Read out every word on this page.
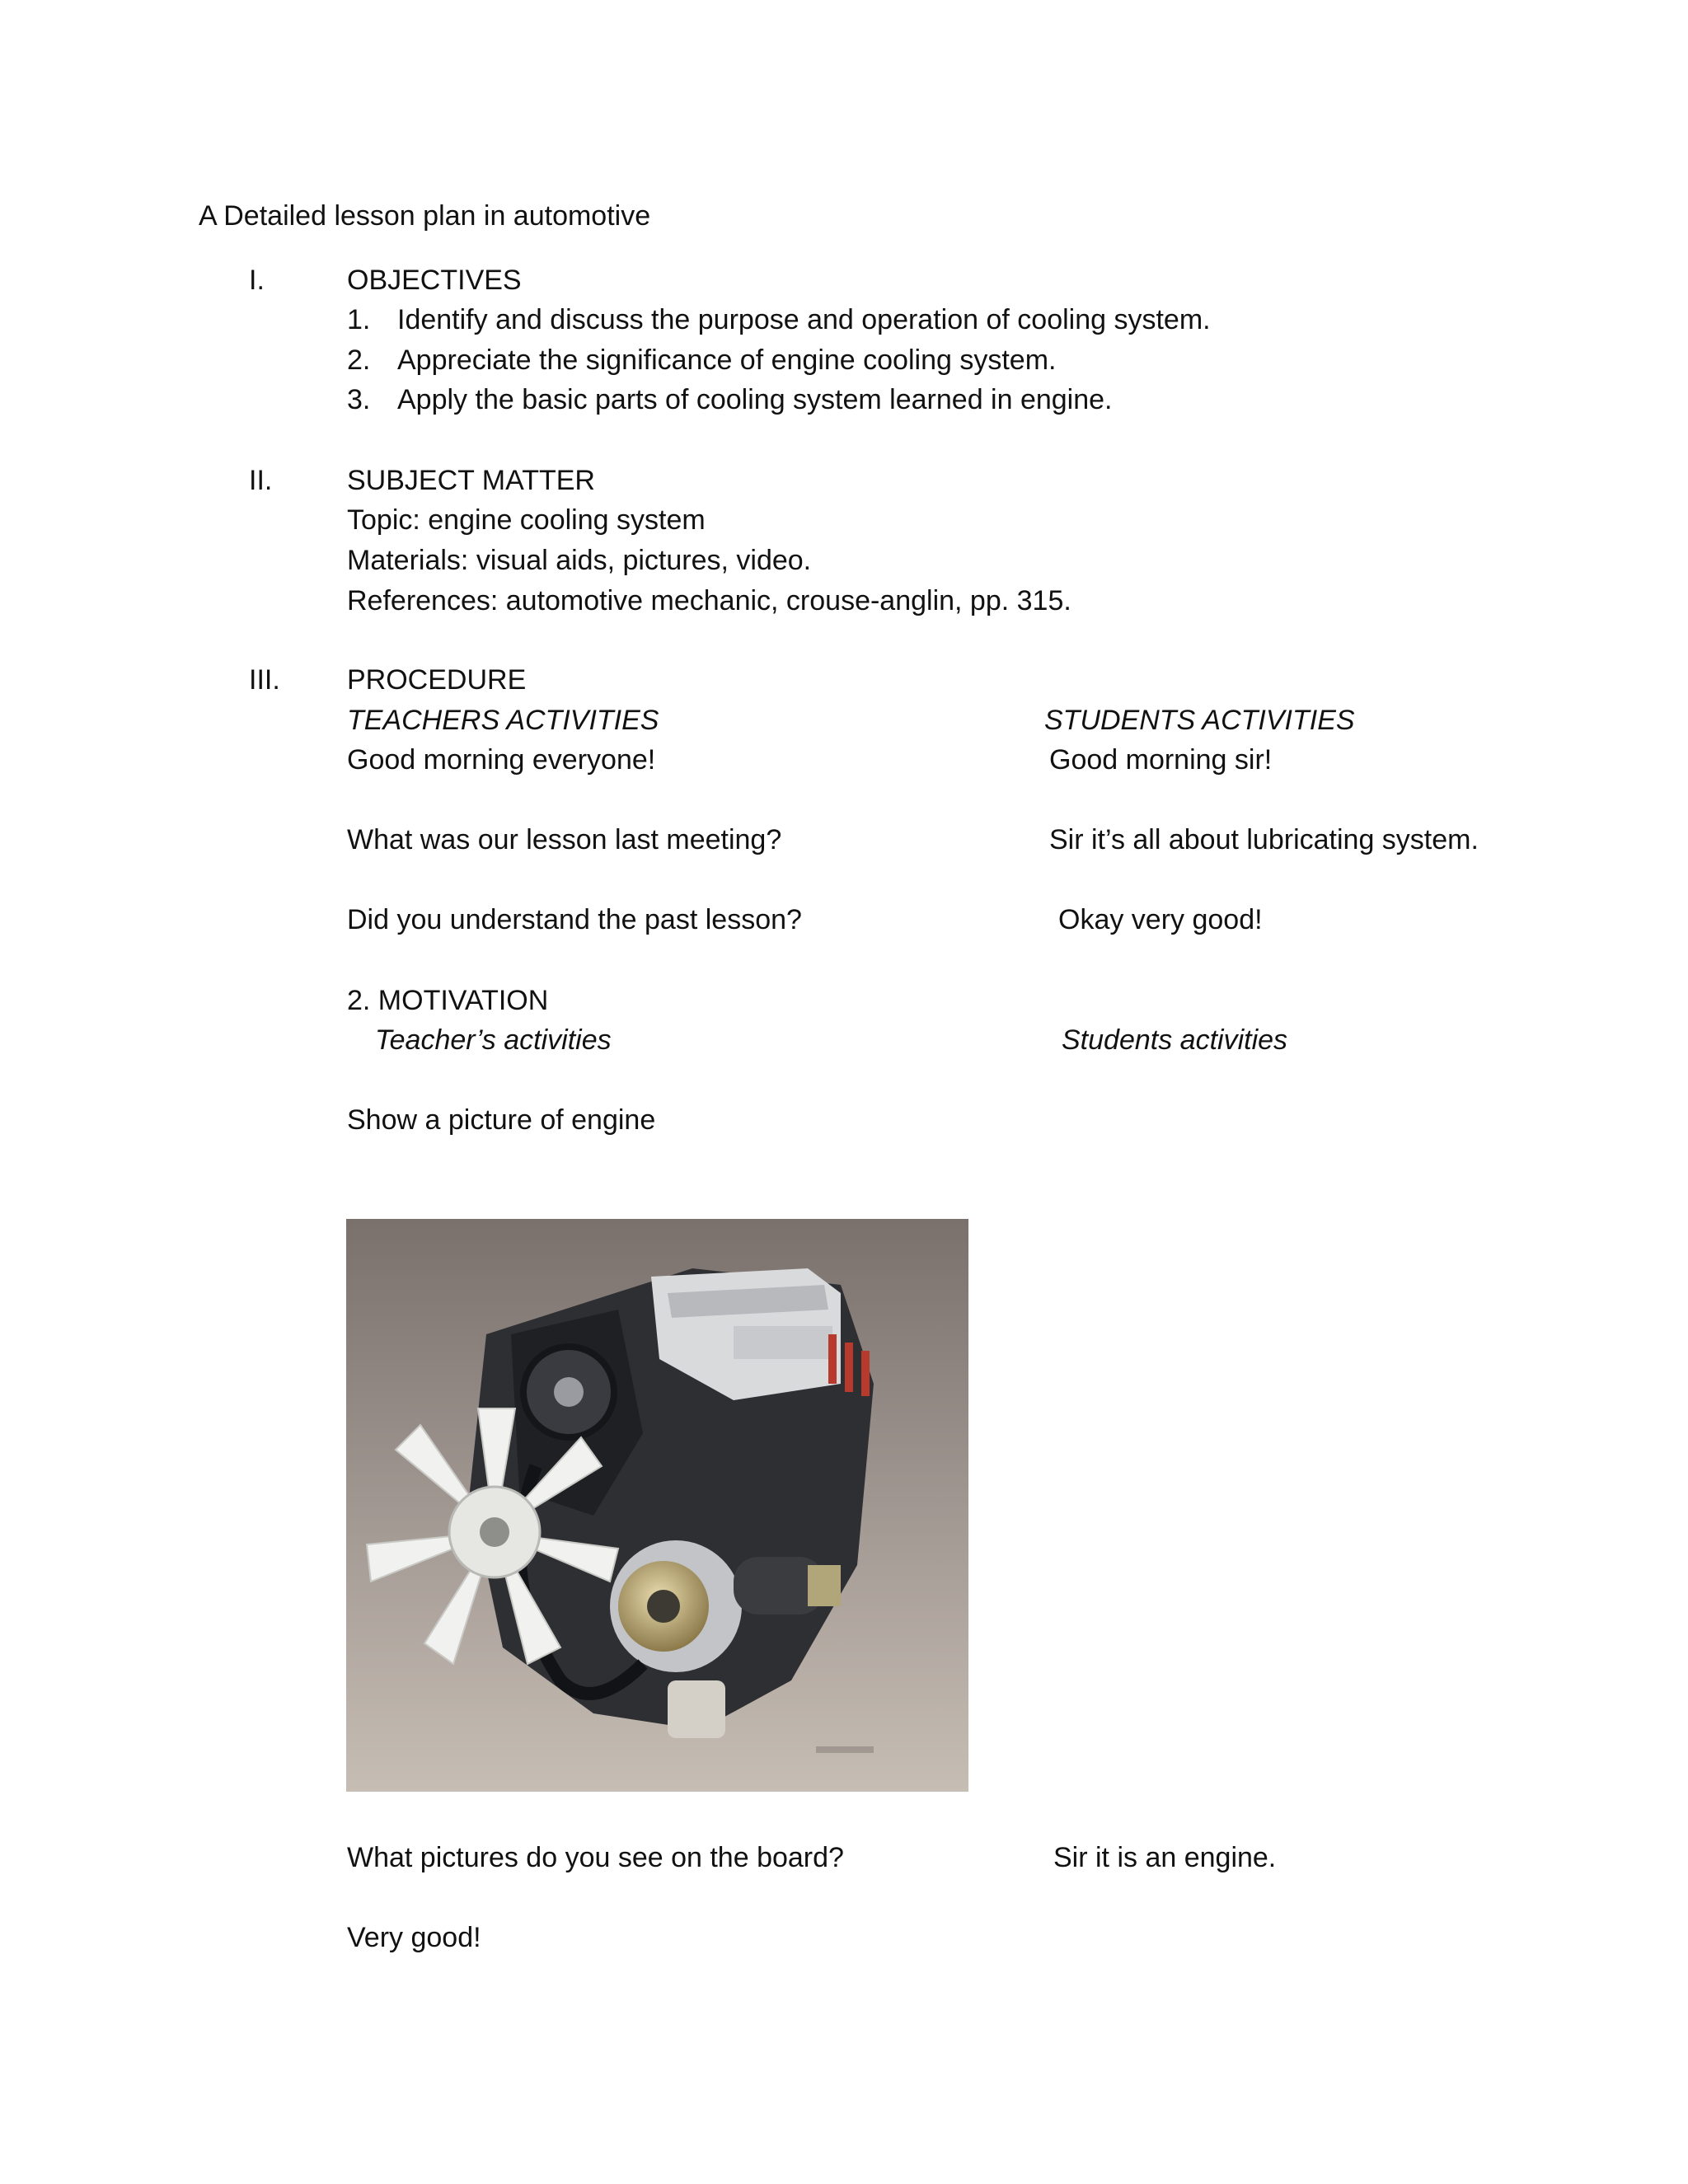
A Detailed lesson plan in automotive
I.	OBJECTIVES
1. Identify and discuss the purpose and operation of cooling system.
2. Appreciate the significance of engine cooling system.
3. Apply the basic parts of cooling system learned in engine.
II.	SUBJECT MATTER
Topic: engine cooling system
Materials: visual aids, pictures, video.
References: automotive mechanic, crouse-anglin, pp. 315.
III. PROCEDURE
TEACHERS ACTIVITIES	STUDENTS ACTIVITIES
Good morning everyone!	Good morning sir!
What was our lesson last meeting?	Sir it’s all about lubricating system.
Did you understand the past lesson?	Okay very good!
2. MOTIVATION
Teacher’s activities	Students activities
Show a picture of engine
What pictures do you see on the board?	Sir it is an engine.
Very good!
